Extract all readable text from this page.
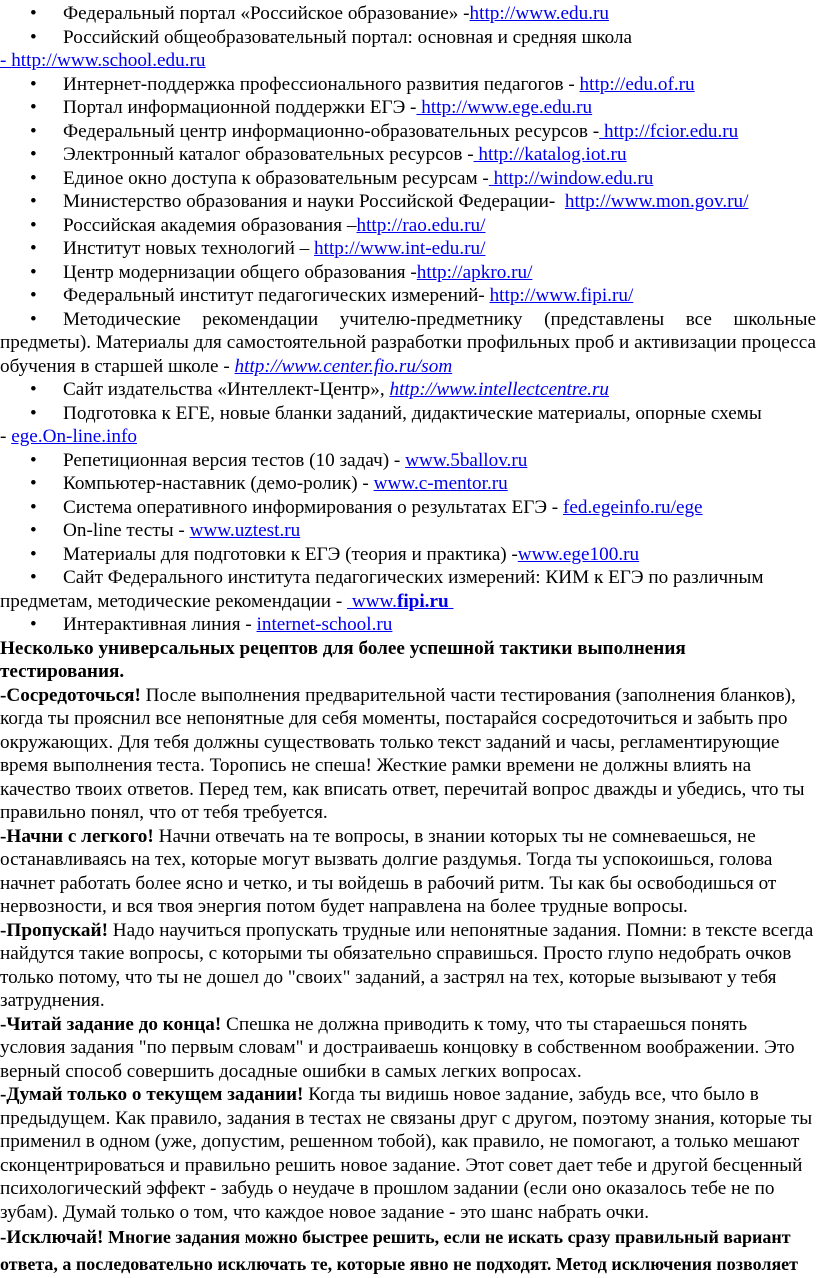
• Федеральный портал «Российское образование» -http://www.edu.ru

• Российский общеобразовательный портал: основная и средняя школа

- http://www.school.edu.ru

• Интернет-поддержка профессионального развития педагогов - http://edu.of.ru

• Портал информационной поддержки ЕГЭ - http://www.ege.edu.ru

• Федеральный центр информационно-образовательных ресурсов - http://fcior.edu.ru

• Электронный каталог образовательных ресурсов - http://katalog.iot.ru

• Единое окно доступа к образовательным ресурсам - http://window.edu.ru

• Министерство образования и науки Российской Федерации-  http://www.mon.gov.ru/

• Российская академия образования –http://rao.edu.ru/

• Институт новых технологий – http://www.int-edu.ru/

• Центр модернизации общего образования -http://apkro.ru/

• Федеральный институт педагогических измерений- http://www.fipi.ru/

• Методические рекомендации учителю-предметнику (представлены все школьные предметы). Материалы для самостоятельной разработки профильных проб и активизации процесса обучения в старшей школе - http://www.center.fio.ru/som

• Сайт издательства «Интеллект-Центр», http://www.intellectcentre.ru

• Подготовка к ЕГЕ, новые бланки заданий, дидактические материалы, опорные схемы

- ege.On-line.info

• Репетиционная версия тестов (10 задач) - www.5ballov.ru

• Компьютер-наставник (демо-ролик) - www.c-mentor.ru

• Система оперативного информирования о результатах ЕГЭ - fed.egeinfo.ru/ege

• On-line тесты - www.uztest.ru

• Материалы для подготовки к ЕГЭ (теория и практика) -www.ege100.ru

• Сайт Федерального института педагогических измерений: КИМ к ЕГЭ по различным предметам, методические рекомендации -  www.fipi.ru

• Интерактивная линия - internet-school.ru

Несколько универсальных рецептов для более успешной тактики выполнения тестирования.

-Сосредоточься! После выполнения предварительной части тестирования (заполнения бланков), когда ты прояснил все непонятные для себя моменты, постарайся сосредоточиться и забыть про окружающих. Для тебя должны существовать только текст заданий и часы, регламентирующие время выполнения теста. Торопись не спеша! Жесткие рамки времени не должны влиять на качество твоих ответов. Перед тем, как вписать ответ, перечитай вопрос дважды и убедись, что ты правильно понял, что от тебя требуется.

-Начни с легкого! Начни отвечать на те вопросы, в знании которых ты не сомневаешься, не останавливаясь на тех, которые могут вызвать долгие раздумья. Тогда ты успокоишься, голова начнет работать более ясно и четко, и ты войдешь в рабочий ритм. Ты как бы освободишься от нервозности, и вся твоя энергия потом будет направлена на более трудные вопросы.

-Пропускай! Надо научиться пропускать трудные или непонятные задания. Помни: в тексте всегда найдутся такие вопросы, с которыми ты обязательно справишься. Просто глупо недобрать очков только потому, что ты не дошел до "своих" заданий, а застрял на тех, которые вызывают у тебя затруднения.

-Читай задание до конца! Спешка не должна приводить к тому, что ты стараешься понять условия задания "по первым словам" и достраиваешь концовку в собственном воображении. Это верный способ совершить досадные ошибки в самых легких вопросах.

-Думай только о текущем задании! Когда ты видишь новое задание, забудь все, что было в предыдущем. Как правило, задания в тестах не связаны друг с другом, поэтому знания, которые ты применил в одном (уже, допустим, решенном тобой), как правило, не помогают, а только мешают сконцентрироваться и правильно решить новое задание. Этот совет дает тебе и другой бесценный психологический эффект - забудь о неудаче в прошлом задании (если оно оказалось тебе не по зубам). Думай только о том, что каждое новое задание - это шанс набрать очки.

-Исключай! Многие задания можно быстрее решить, если не искать сразу правильный вариант ответа, а последовательно исключать те, которые явно не подходят. Метод исключения позволяет
